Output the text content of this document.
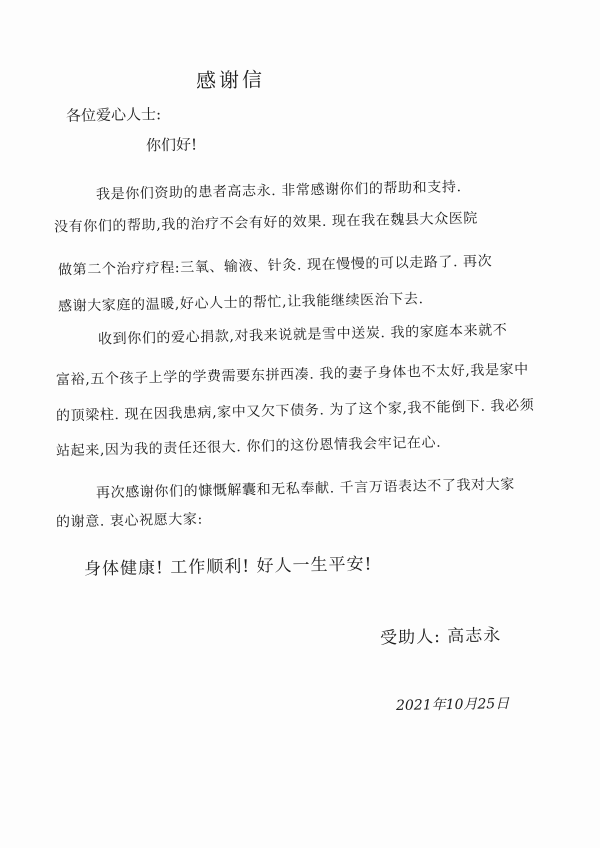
感谢信
各位爱心人士:
你们好!
我是你们资助的患者高志永. 非常感谢你们的帮助和支持.
没有你们的帮助,我的治疗不会有好的效果. 现在我在魏县大众医院
做第二个治疗疗程:三氧、输液、针灸. 现在慢慢的可以走路了. 再次
感谢大家庭的温暖,好心人士的帮忙,让我能继续医治下去.
收到你们的爱心捐款,对我来说就是雪中送炭. 我的家庭本来就不
富裕,五个孩子上学的学费需要东拼西凑. 我的妻子身体也不太好,我是家中
的顶梁柱. 现在因我患病,家中又欠下债务. 为了这个家,我不能倒下. 我必须
站起来,因为我的责任还很大. 你们的这份恩情我会牢记在心.
再次感谢你们的慷慨解囊和无私奉献. 千言万语表达不了我对大家
的谢意. 衷心祝愿大家:
身体健康! 工作顺利! 好人一生平安!
受助人: 高志永
2021年10月25日
